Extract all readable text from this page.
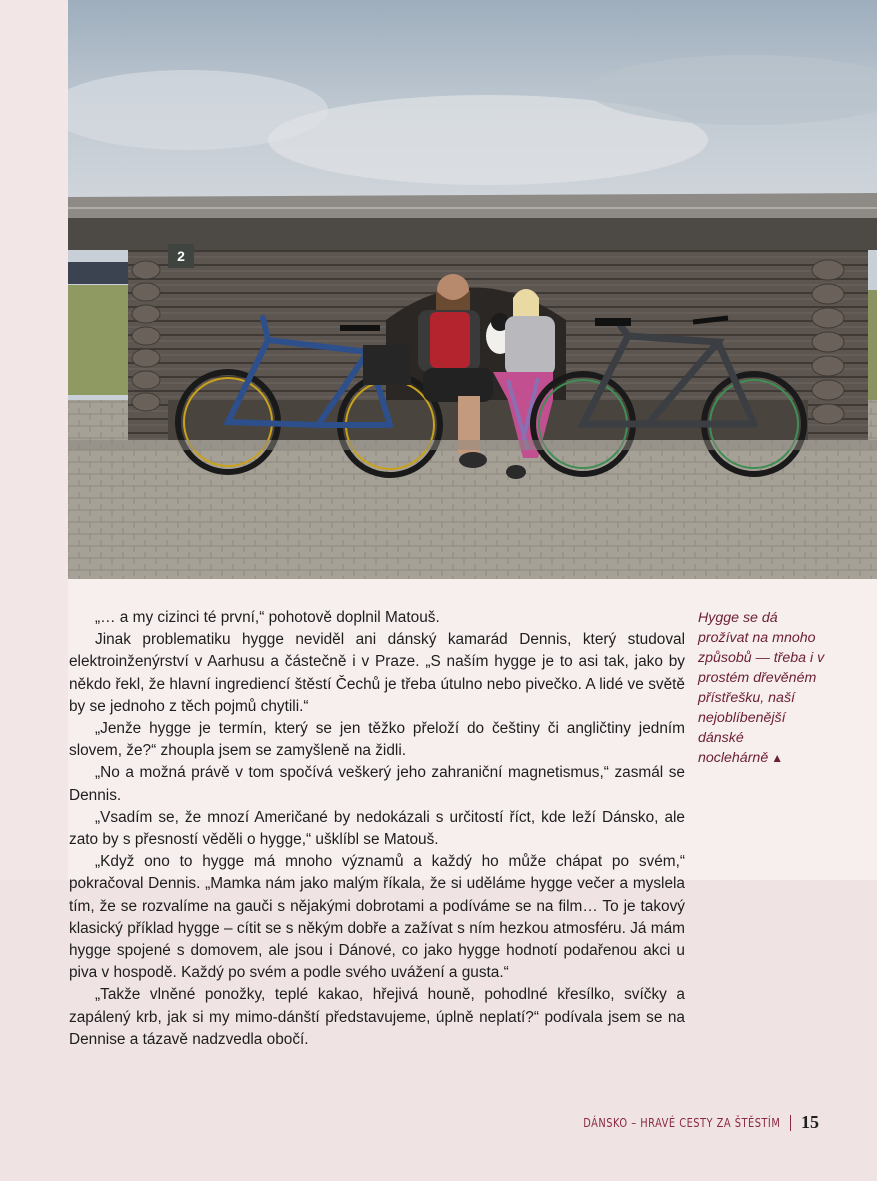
2

„… a my cizinci té první,“ pohotově doplnil Matouš.

Jinak problematiku hygge neviděl ani dánský kamarád Dennis, který studoval elektroinženýrství v Aarhusu a částečně i v Praze. „S naším hygge je to asi tak, jako by někdo řekl, že hlavní ingrediencí štěstí Čechů je třeba útulno nebo pivečko. A lidé ve světě by se jednoho z těch pojmů chytili.“

„Jenže hygge je termín, který se jen těžko přeloží do češtiny či angličtiny jedním slovem, že?“ zhoupla jsem se zamyšleně na židli.

„No a možná právě v tom spočívá veškerý jeho zahraniční magnetismus,“ zasmál se Dennis.

„Vsadím se, že mnozí Američané by nedokázali s určitostí říct, kde leží Dánsko, ale zato by s přesností věděli o hygge,“ ušklíbl se Matouš.

„Když ono to hygge má mnoho významů a každý ho může chápat po svém,“ pokračoval Dennis. „Mamka nám jako malým říkala, že si uděláme hygge večer a myslela tím, že se rozvalíme na gauči s nějakými dobrotami a podíváme se na film… To je takový klasický příklad hygge – cítit se s někým dobře a zažívat s ním hezkou atmosféru. Já mám hygge spojené s domovem, ale jsou i Dánové, co jako hygge hodnotí podařenou akci u piva v hospodě. Každý po svém a podle svého uvážení a gusta.“

„Takže vlněné ponožky, teplé kakao, hřejivá houně, pohodlné křesílko, svíčky a zapálený krb, jak si my mimo-dánští představujeme, úplně neplatí?“ podívala jsem se na Dennise a tázavě nadzvedla obočí.

Hygge se dá prožívat na mnoho způsobů — třeba i v prostém dřevěném přístřešku, naší nejoblíbenější dánské noclehárně ▲
DÁNSKO – HRAVÉ CESTY ZA ŠTĚSTÍM 15
